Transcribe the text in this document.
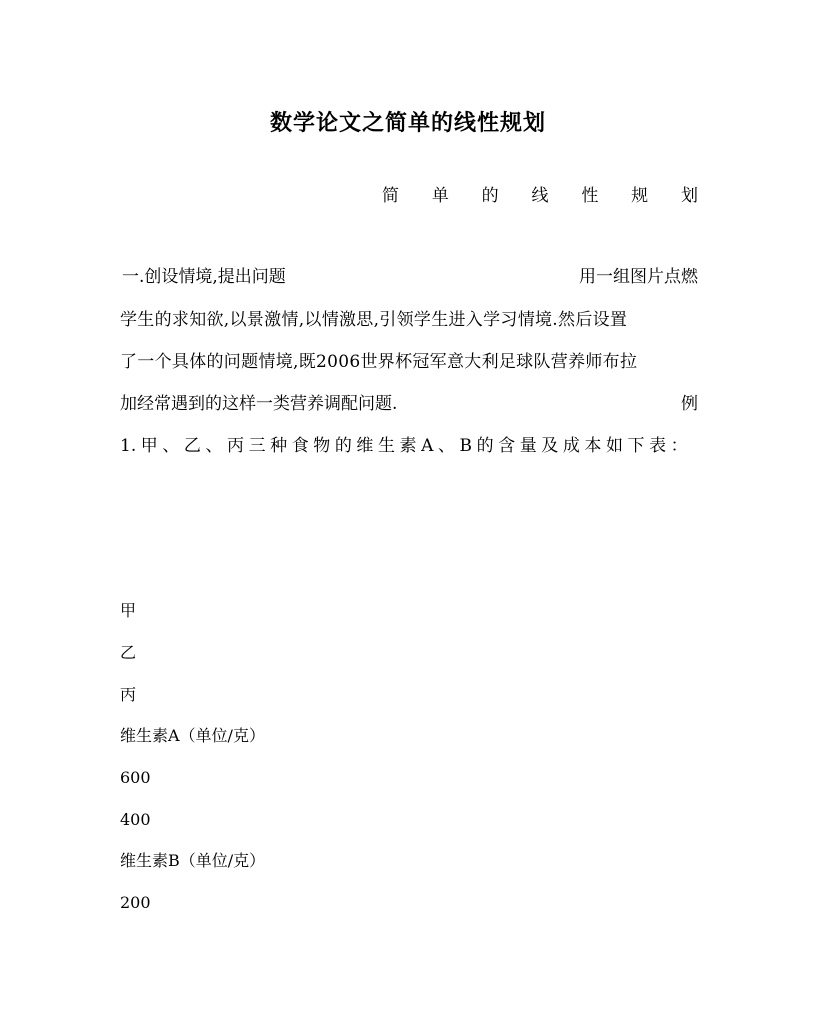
数学论文之简单的线性规划
简 单 的 线 性 规 划
一.创设情境,提出问题	用一组图片点燃
学生的求知欲,以景激情,以情激思,引领学生进入学习情境.然后设置
了一个具体的问题情境,既2006世界杯冠军意大利足球队营养师布拉
加经常遇到的这样一类营养调配问题.	例
1. 甲 、 乙 、 丙 三 种 食 物 的 维 生 素 A 、 B 的 含 量 及 成 本 如 下 表 ：
甲
乙
丙
维生素A（单位/克）
600
400
维生素B（单位/克）
200
